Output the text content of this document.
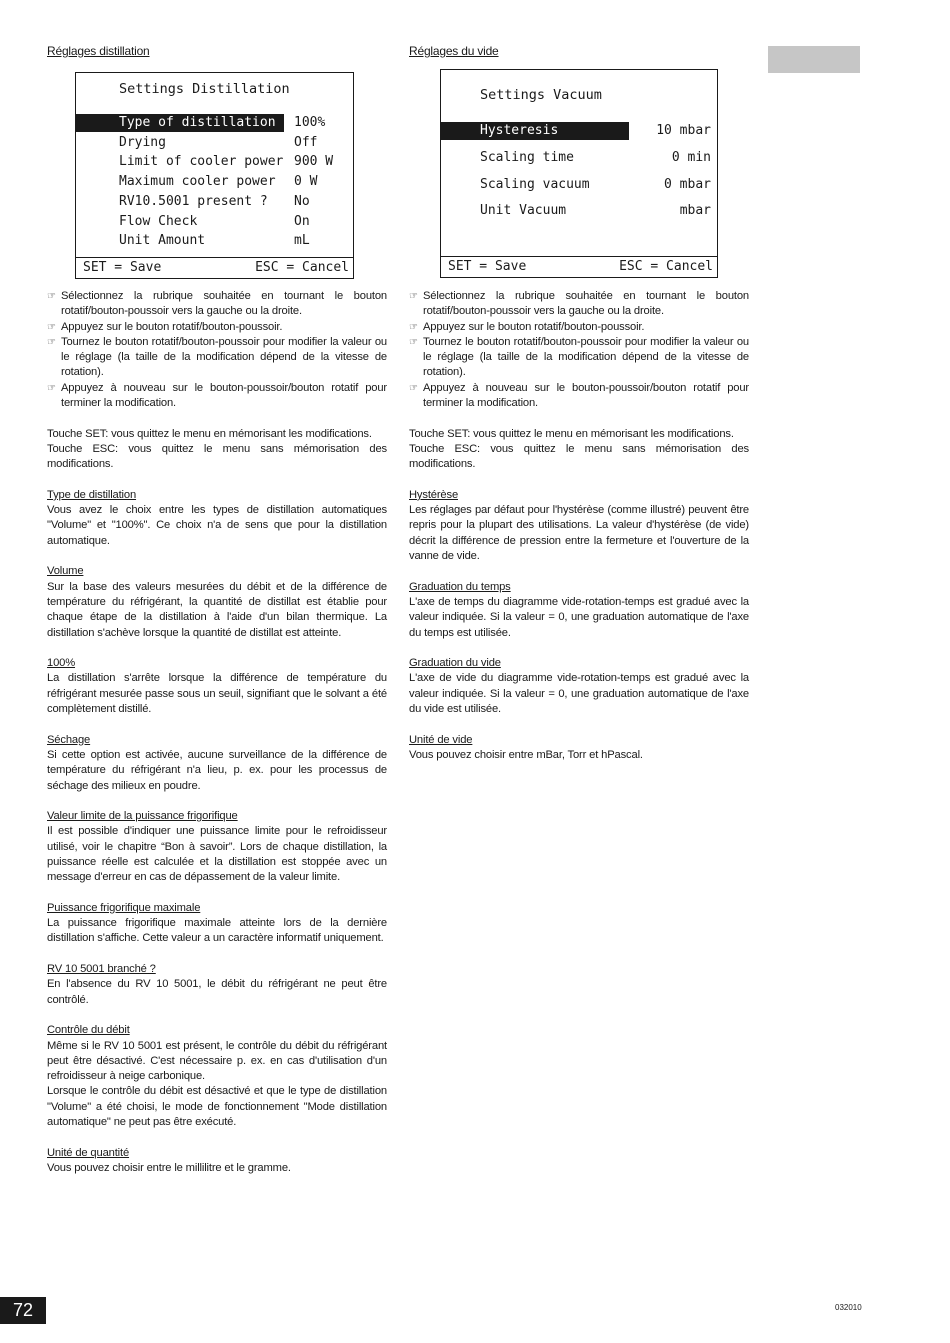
Réglages distillation
Settings Distillation
Type of distillation	100%
Drying	Off
Limit of cooler power 900 W
Maximum cooler power 0 W
RV10.5001 present ? No
Flow Check	On
Unit Amount	mL
SET = Save	ESC = Cancel
☞ Sélectionnez la rubrique souhaitée en tournant le bouton rotatif/bouton-poussoir vers la gauche ou la droite.
☞ Appuyez sur le bouton rotatif/bouton-poussoir.
☞ Tournez le bouton rotatif/bouton-poussoir pour modifier la valeur ou le réglage (la taille de la modification dépend de la vitesse de rotation).
☞ Appuyez à nouveau sur le bouton-poussoir/bouton rotatif pour terminer la modification.
Touche SET: vous quittez le menu en mémorisant les modifications.
Touche ESC: vous quittez le menu sans mémorisation des modifications.
Type de distillation
Vous avez le choix entre les types de distillation automatiques "Volume" et "100%". Ce choix n'a de sens que pour la distillation automatique.
Volume
Sur la base des valeurs mesurées du débit et de la différence de température du réfrigérant, la quantité de distillat est établie pour chaque étape de la distillation à l'aide d'un bilan thermique. La distillation s'achève lorsque la quantité de distillat est atteinte.
100%
La distillation s'arrête lorsque la différence de température du réfrigérant mesurée passe sous un seuil, signifiant que le solvant a été complètement distillé.
Séchage
Si cette option est activée, aucune surveillance de la différence de température du réfrigérant n'a lieu, p. ex. pour les processus de séchage des milieux en poudre.
Valeur limite de la puissance frigorifique
Il est possible d'indiquer une puissance limite pour le refroidisseur utilisé, voir le chapitre “Bon à savoir”. Lors de chaque distillation, la puissance réelle est calculée et la distillation est stoppée avec un message d'erreur en cas de dépassement de la valeur limite.
Puissance frigorifique maximale
La puissance frigorifique maximale atteinte lors de la dernière distillation s'affiche. Cette valeur a un caractère informatif uniquement.
RV 10 5001 branché ?
En l'absence du RV 10 5001, le débit du réfrigérant ne peut être contrôlé.
Contrôle du débit
Même si le RV 10 5001 est présent, le contrôle du débit du réfrigérant peut être désactivé. C'est nécessaire p. ex. en cas d'utilisation d'un refroidisseur à neige carbonique.
Lorsque le contrôle du débit est désactivé et que le type de distillation "Volume" a été choisi, le mode de fonctionnement "Mode distillation automatique" ne peut pas être exécuté.
Unité de quantité
Vous pouvez choisir entre le millilitre et le gramme.
Réglages du vide
Settings Vacuum
Hysteresis	10 mbar
Scaling time	0 min
Scaling vacuum	0 mbar
Unit Vacuum	mbar
SET = Save	ESC = Cancel
☞ Sélectionnez la rubrique souhaitée en tournant le bouton rotatif/bouton-poussoir vers la gauche ou la droite.
☞ Appuyez sur le bouton rotatif/bouton-poussoir.
☞ Tournez le bouton rotatif/bouton-poussoir pour modifier la valeur ou le réglage (la taille de la modification dépend de la vitesse de rotation).
☞ Appuyez à nouveau sur le bouton-poussoir/bouton rotatif pour terminer la modification.
Touche SET: vous quittez le menu en mémorisant les modifications.
Touche ESC: vous quittez le menu sans mémorisation des modifications.
Hystérèse
Les réglages par défaut pour l'hystérèse (comme illustré) peuvent être repris pour la plupart des utilisations. La valeur d'hystérèse (de vide) décrit la différence de pression entre la fermeture et l'ouverture de la vanne de vide.
Graduation du temps
L'axe de temps du diagramme vide-rotation-temps est gradué avec la valeur indiquée. Si la valeur = 0, une graduation automatique de l'axe du temps est utilisée.
Graduation du vide
L'axe de vide du diagramme vide-rotation-temps est gradué avec la valeur indiquée. Si la valeur = 0, une graduation automatique de l'axe du vide est utilisée.
Unité de vide
Vous pouvez choisir entre mBar, Torr et hPascal.
72	032010
